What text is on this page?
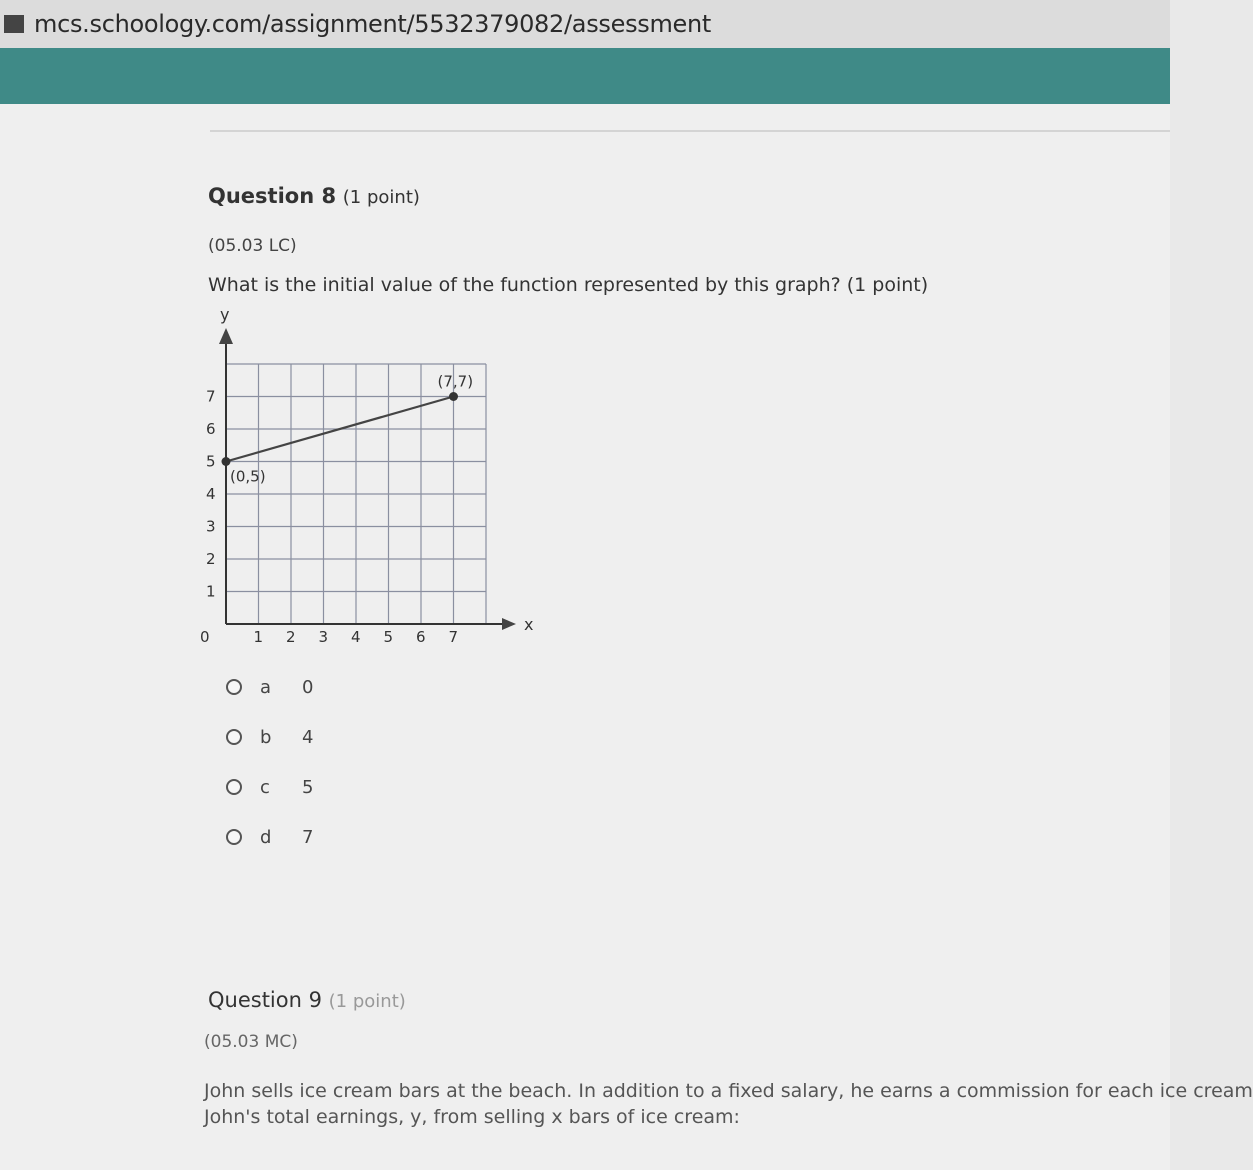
mcs.schoology.com/assignment/5532379082/assessment
Question 8 (1 point)
(05.03 LC)
What is the initial value of the function represented by this graph? (1 point)
x
y
0	1 2 3 4 5 6 7
1
2
3
4
5
6
7
(0,5)
(7,7)
a 0
b 4
c 5
d 7
Question 9 (1 point)
(05.03 MC)
John sells ice cream bars at the beach. In addition to a fixed salary, he earns a commission for each ice cream
John's total earnings, y, from selling x bars of ice cream:
